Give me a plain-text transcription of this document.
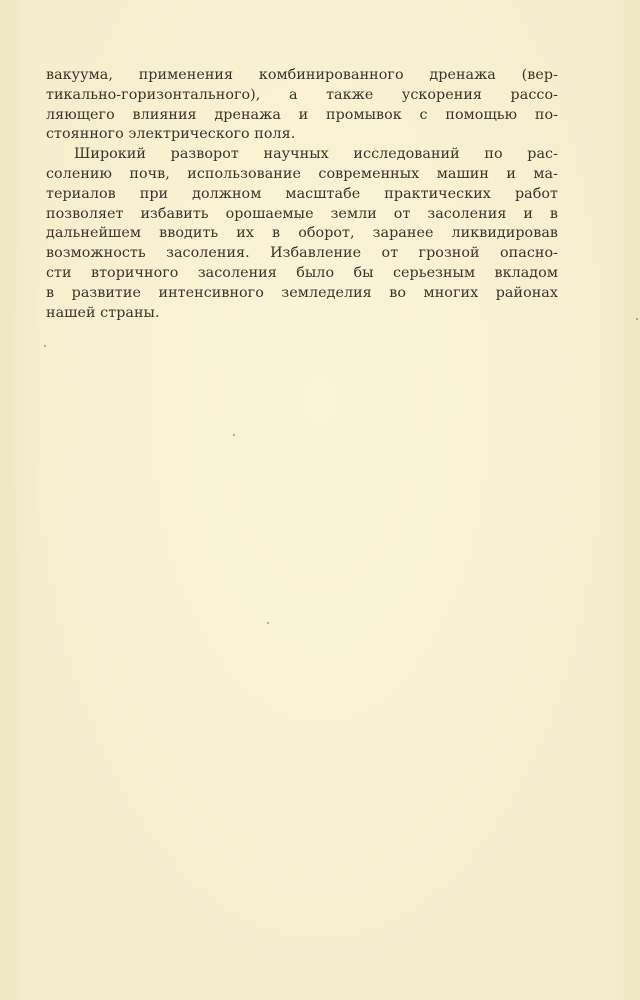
вакуума, применения комбинированного дренажа (вер-
тикально-горизонтального), а также ускорения рассо-
ляющего влияния дренажа и промывок с помощью по-
стоянного электрического поля.
Широкий разворот научных исследований по рас-
солению почв, использование современных машин и ма-
териалов при должном масштабе практических работ
позволяет избавить орошаемые земли от засоления и в
дальнейшем вводить их в оборот, заранее ликвидировав
возможность засоления. Избавление от грозной опасно-
сти вторичного засоления было бы серьезным вкладом
в развитие интенсивного земледелия во многих районах
нашей страны.
